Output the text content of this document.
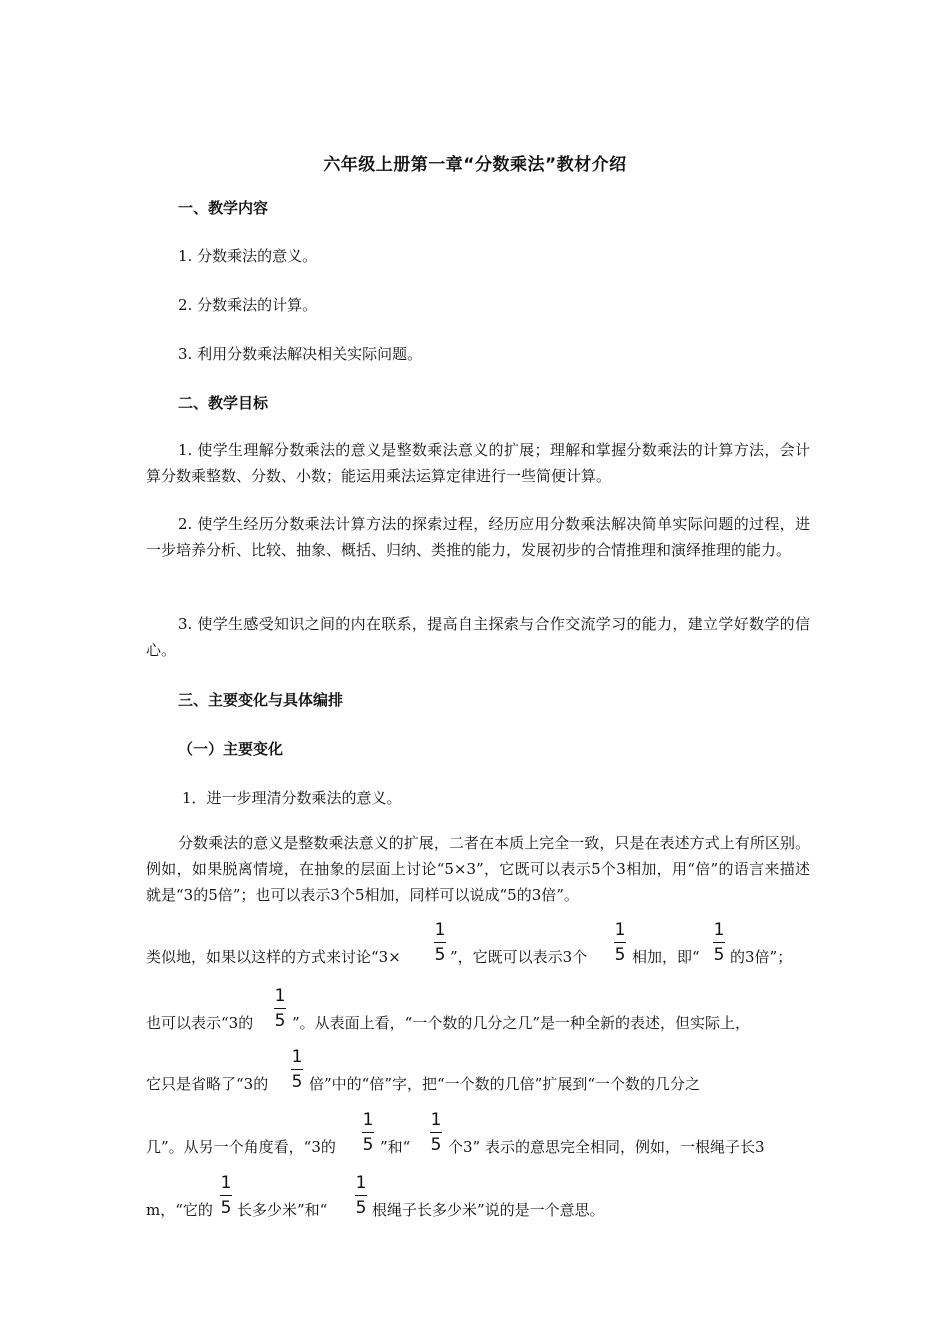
六年级上册第一章“分数乘法”教材介绍
一、教学内容
1. 分数乘法的意义。
2. 分数乘法的计算。
3. 利用分数乘法解决相关实际问题。
二、教学目标
1. 使学生理解分数乘法的意义是整数乘法意义的扩展；理解和掌握分数乘法的计算方法，会计算分数乘整数、分数、小数；能运用乘法运算定律进行一些简便计算。
2. 使学生经历分数乘法计算方法的探索过程，经历应用分数乘法解决简单实际问题的过程，进一步培养分析、比较、抽象、概括、归纳、类推的能力，发展初步的合情推理和演绎推理的能力。
3. 使学生感受知识之间的内在联系，提高自主探索与合作交流学习的能力，建立学好数学的信心。
三、主要变化与具体编排
（一）主要变化
1．进一步理清分数乘法的意义。
分数乘法的意义是整数乘法意义的扩展，二者在本质上完全一致，只是在表述方式上有所区别。例如，如果脱离情境，在抽象的层面上讨论“5×3”，它既可以表示5个3相加，用“倍”的语言来描述就是“3的5倍”；也可以表示3个5相加，同样可以说成“5的3倍”。
类似地，如果以这样的方式来讨论“3×
1
5 ”，它既可以表示3个
1
5 相加，即“
1
5 的3倍”；
也可以表示“3的
1
5 ”。从表面上看，“一个数的几分之几”是一种全新的表述，但实际上，
它只是省略了“3的
1
5 倍”中的“倍”字，把“一个数的几倍”扩展到“一个数的几分之
几”。从另一个角度看，“3的
1
5 ”和“
1
5 个3” 表示的意思完全相同，例如，一根绳子长3
m，“它的
1
5 长多少米”和“
1
5 根绳子长多少米”说的是一个意思。
